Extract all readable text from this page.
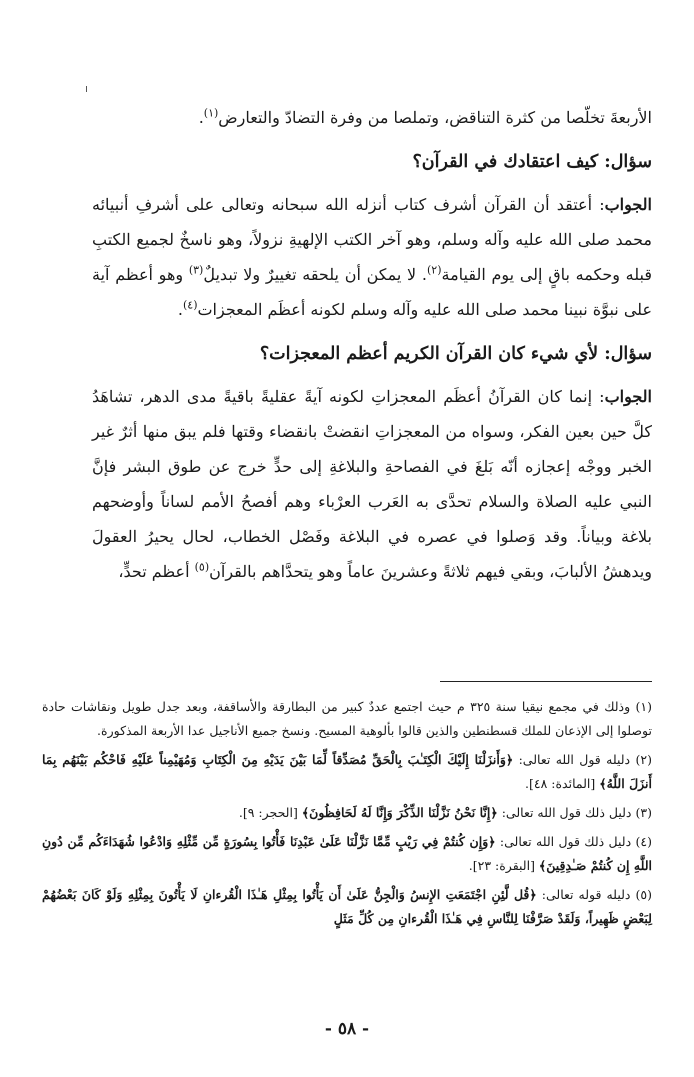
الأربعةَ تخلّصا من كثرة التناقض، وتملصا من وفرة التضادّ والتعارض$^{(١)}$.

سؤال: كيف اعتقادك في القرآن؟

الجواب: أعتقد أن القرآن أشرف كتاب أنزله الله سبحانه وتعالى على أشرفِ أنبيائه محمد صلى الله عليه وآله وسلم، وهو آخر الكتب الإلهيةِ نزولاً، وهو ناسخٌ لجميع الكتبِ قبله وحكمه باقٍ إلى يوم القيامة$^{(٢)}$. لا يمكن أن يلحقه تغييرٌ ولا تبديلٌ$^{(٣)}$ وهو أعظم آية على نبوَّة نبينا محمد صلى الله عليه وآله وسلم لكونه أعظَم المعجزات$^{(٤)}$.

سؤال: لأي شيء كان القرآن الكريم أعظم المعجزات؟

الجواب: إنما كان القرآنُ أعظَم المعجزاتِ لكونه آيةً عقليةً باقيةً مدى الدهر، تشاهَدُ كلَّ حين بعين الفكر، وسواه من المعجزاتِ انقضتْ بانقضاء وقتها فلم يبق منها أثرٌ غير الخبر ووجْه إعجازه أنّه بَلغَ في الفصاحةِ والبلاغةِ إلى حدٍّ خرج عن طوق البشر فإنَّ النبي عليه الصلاة والسلام تحدَّى به العَرب العرْباء وهم أفصحُ الأمم لساناً وأوضحهم بلاغة وبياناً. وقد وَصلوا في عصره في البلاغة وفَصْل الخطاب، لحال يحيرُ العقولَ ويدهشُ الألبابَ، وبقي فيهم ثلاثةً وعشرينَ عاماً وهو يتحدَّاهم بالقرآن$^{(٥)}$ أعظم تحدٍّ،

(١) وذلك في مجمع نيقيا سنة ٣٢٥ م حيث اجتمع عددٌ كبير من البطارقة والأساقفة، وبعد جدل طويل ونقاشات حادة توصلوا إلى الإذعان للملك قسطنطين والذين قالوا بألوهية المسيح. ونسخ جميع الأناجيل عدا الأربعة المذكورة.

(٢) دليله قول الله تعالى: ﴿وَأَنزَلْنَا إِلَيْكَ الْكِتَـٰبَ بِالْحَقِّ مُصَدِّقاً لِّمَا بَيْنَ يَدَيْهِ مِنَ الْكِتَابِ وَمُهَيْمِناً عَلَيْهِ فَاحْكُم بَيْنَهُم بِمَا أَنزَلَ اللَّهُ﴾ [المائدة: ٤٨].

(٣) دليل ذلك قول الله تعالى: ﴿إِنَّا نَحْنُ نَزَّلْنَا الذِّكْرَ وَإِنَّا لَهُ لَحَافِظُونَ﴾ [الحجر: ٩].

(٤) دليل ذلك قول الله تعالى: ﴿وَإِن كُنتُمْ فِي رَيْبٍ مِّمَّا نَزَّلْنَا عَلَىٰ عَبْدِنَا فَأْتُوا بِسُورَةٍ مِّن مِّثْلِهِ وَادْعُوا شُهَدَاءَكُم مِّن دُونِ اللَّهِ إِن كُنتُمْ صَـٰدِقِينَ﴾ [البقرة: ٢٣].

(٥) دليله قوله تعالى: ﴿قُل لَّئِنِ اجْتَمَعَتِ الإِنسُ وَالْجِنُّ عَلَىٰ أَن يَأْتُوا بِمِثْلِ هَـٰذَا الْقُرءانِ لَا يَأْتُونَ بِمِثْلِهِ وَلَوْ كَانَ بَعْضُهُمْ لِبَعْضٍ ظَهِيراً، وَلَقَدْ صَرَّفْنَا لِلنَّاسِ فِي هَـٰذَا الْقُرءانِ مِن كُلِّ مَثَلٍ

- ٥٨ -
